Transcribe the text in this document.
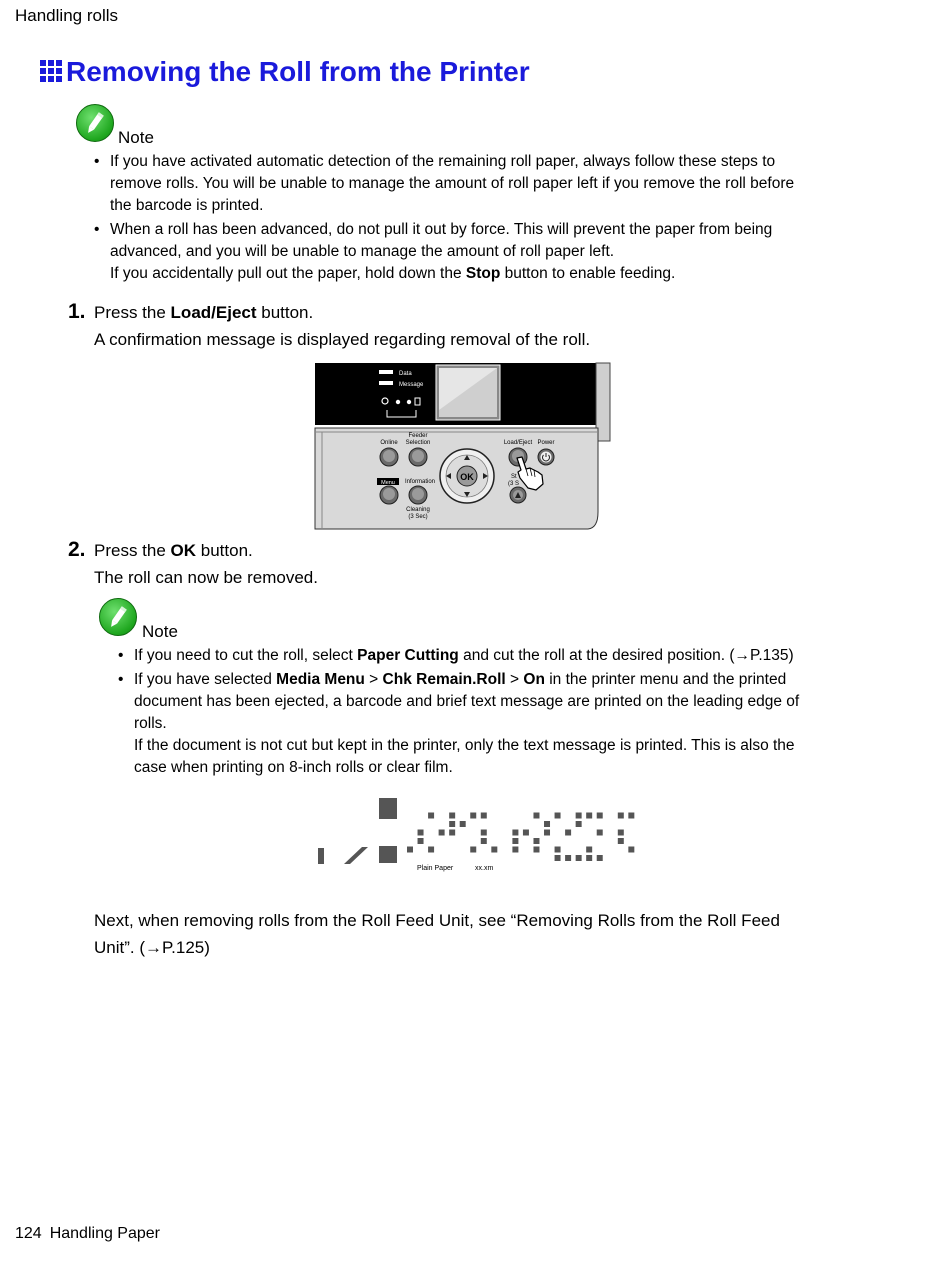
Handling rolls
Removing the Roll from the Printer
Note
• If you have activated automatic detection of the remaining roll paper, always follow these steps to remove rolls. You will be unable to manage the amount of roll paper left if you remove the roll before the barcode is printed.
• When a roll has been advanced, do not pull it out by force. This will prevent the paper from being advanced, and you will be unable to manage the amount of roll paper left.
If you accidentally pull out the paper, hold down the Stop button to enable feeding.
1. Press the Load/Eject button.
A confirmation message is displayed regarding removal of the roll.
Data
Message
Online
Feeder
Selection	Load/Eject Power
Menu Information
Cleaning
(3 Sec)
OK	St
(3 S
2. Press the OK button.
The roll can now be removed.
Note
• If you need to cut the roll, select Paper Cutting and cut the roll at the desired position. (→P.135)
• If you have selected Media Menu > Chk Remain.Roll > On in the printer menu and the printed document has been ejected, a barcode and brief text message are printed on the leading edge of rolls.
If the document is not cut but kept in the printer, only the text message is printed. This is also the case when printing on 8-inch rolls or clear film.
Plain Paper	xx.xm
Next, when removing rolls from the Roll Feed Unit, see “Removing Rolls from the Roll Feed Unit”. (→P.125)
124 Handling Paper
